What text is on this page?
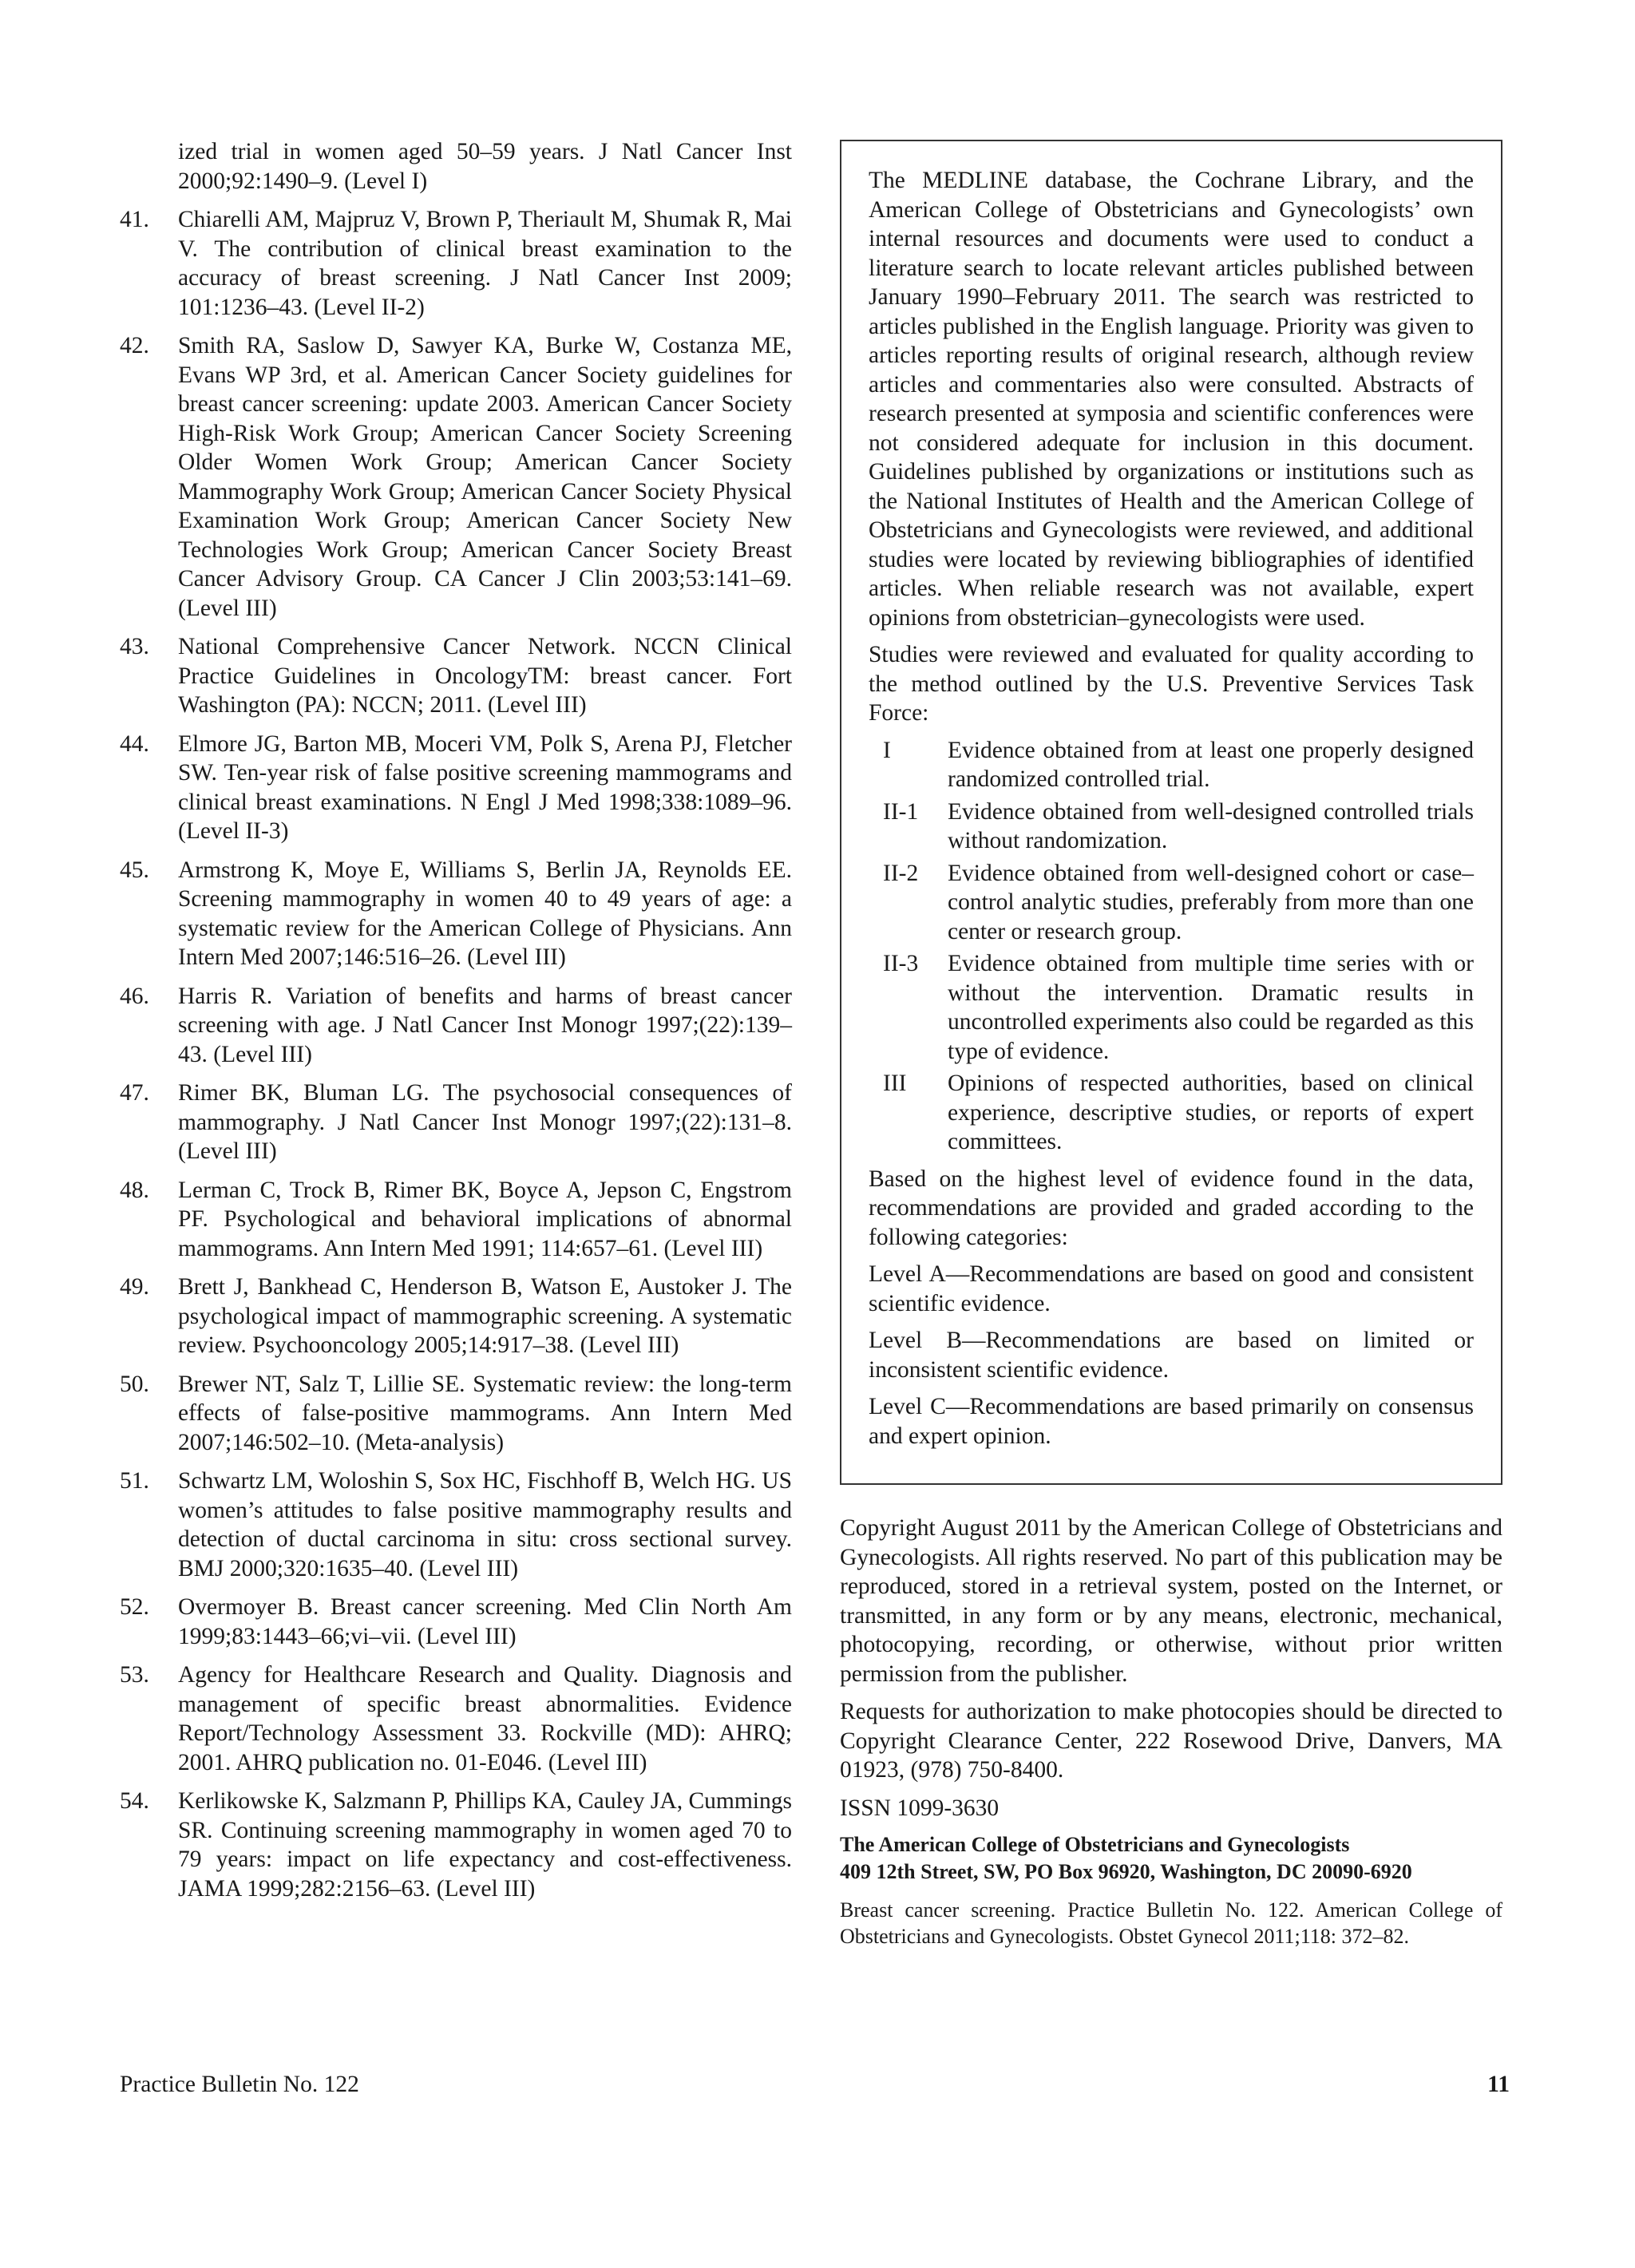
ized trial in women aged 50–59 years. J Natl Cancer Inst 2000;92:1490–9. (Level I)
41. Chiarelli AM, Majpruz V, Brown P, Theriault M, Shumak R, Mai V. The contribution of clinical breast examination to the accuracy of breast screening. J Natl Cancer Inst 2009; 101:1236–43. (Level II-2)
42. Smith RA, Saslow D, Sawyer KA, Burke W, Costanza ME, Evans WP 3rd, et al. American Cancer Society guidelines for breast cancer screening: update 2003. American Cancer Society High-Risk Work Group; American Cancer Society Screening Older Women Work Group; American Cancer Society Mammography Work Group; American Cancer Society Physical Examination Work Group; American Cancer Society New Technologies Work Group; American Cancer Society Breast Cancer Advisory Group. CA Cancer J Clin 2003;53:141–69. (Level III)
43. National Comprehensive Cancer Network. NCCN Clinical Practice Guidelines in OncologyTM: breast cancer. Fort Washington (PA): NCCN; 2011. (Level III)
44. Elmore JG, Barton MB, Moceri VM, Polk S, Arena PJ, Fletcher SW. Ten-year risk of false positive screening mammograms and clinical breast examinations. N Engl J Med 1998;338:1089–96. (Level II-3)
45. Armstrong K, Moye E, Williams S, Berlin JA, Reynolds EE. Screening mammography in women 40 to 49 years of age: a systematic review for the American College of Physicians. Ann Intern Med 2007;146:516–26. (Level III)
46. Harris R. Variation of benefits and harms of breast cancer screening with age. J Natl Cancer Inst Monogr 1997;(22):139–43. (Level III)
47. Rimer BK, Bluman LG. The psychosocial consequences of mammography. J Natl Cancer Inst Monogr 1997;(22):131–8. (Level III)
48. Lerman C, Trock B, Rimer BK, Boyce A, Jepson C, Engstrom PF. Psychological and behavioral implications of abnormal mammograms. Ann Intern Med 1991; 114:657–61. (Level III)
49. Brett J, Bankhead C, Henderson B, Watson E, Austoker J. The psychological impact of mammographic screening. A systematic review. Psychooncology 2005;14:917–38. (Level III)
50. Brewer NT, Salz T, Lillie SE. Systematic review: the long-term effects of false-positive mammograms. Ann Intern Med 2007;146:502–10. (Meta-analysis)
51. Schwartz LM, Woloshin S, Sox HC, Fischhoff B, Welch HG. US women’s attitudes to false positive mammography results and detection of ductal carcinoma in situ: cross sectional survey. BMJ 2000;320:1635–40. (Level III)
52. Overmoyer B. Breast cancer screening. Med Clin North Am 1999;83:1443–66;vi–vii. (Level III)
53. Agency for Healthcare Research and Quality. Diagnosis and management of specific breast abnormalities. Evidence Report/Technology Assessment 33. Rockville (MD): AHRQ; 2001. AHRQ publication no. 01-E046. (Level III)
54. Kerlikowske K, Salzmann P, Phillips KA, Cauley JA, Cummings SR. Continuing screening mammography in women aged 70 to 79 years: impact on life expectancy and cost-effectiveness. JAMA 1999;282:2156–63. (Level III)

The MEDLINE database, the Cochrane Library, and the American College of Obstetricians and Gynecologists’ own internal resources and documents were used to conduct a literature search to locate relevant articles published between January 1990–February 2011. The search was restricted to articles published in the English language. Priority was given to articles reporting results of original research, although review articles and commentaries also were consulted. Abstracts of research presented at symposia and scientific conferences were not considered adequate for inclusion in this document. Guidelines published by organizations or institutions such as the National Institutes of Health and the American College of Obstetricians and Gynecologists were reviewed, and additional studies were located by reviewing bibliographies of identified articles. When reliable research was not available, expert opinions from obstetrician–gynecologists were used.

Studies were reviewed and evaluated for quality according to the method outlined by the U.S. Preventive Services Task Force:

I Evidence obtained from at least one properly designed randomized controlled trial.
II-1 Evidence obtained from well-designed controlled trials without randomization.
II-2 Evidence obtained from well-designed cohort or case–control analytic studies, preferably from more than one center or research group.
II-3 Evidence obtained from multiple time series with or without the intervention. Dramatic results in uncontrolled experiments also could be regarded as this type of evidence.
III Opinions of respected authorities, based on clinical experience, descriptive studies, or reports of expert committees.

Based on the highest level of evidence found in the data, recommendations are provided and graded according to the following categories:

Level A—Recommendations are based on good and consistent scientific evidence.

Level B—Recommendations are based on limited or inconsistent scientific evidence.

Level C—Recommendations are based primarily on consensus and expert opinion.

Copyright August 2011 by the American College of Obstetricians and Gynecologists. All rights reserved. No part of this publication may be reproduced, stored in a retrieval system, posted on the Internet, or transmitted, in any form or by any means, electronic, mechanical, photocopying, recording, or otherwise, without prior written permission from the publisher.

Requests for authorization to make photocopies should be directed to Copyright Clearance Center, 222 Rosewood Drive, Danvers, MA 01923, (978) 750-8400.

ISSN 1099-3630

The American College of Obstetricians and Gynecologists
409 12th Street, SW, PO Box 96920, Washington, DC 20090-6920
Breast cancer screening. Practice Bulletin No. 122. American College of Obstetricians and Gynecologists. Obstet Gynecol 2011;118: 372–82.
Practice Bulletin No. 122	11
